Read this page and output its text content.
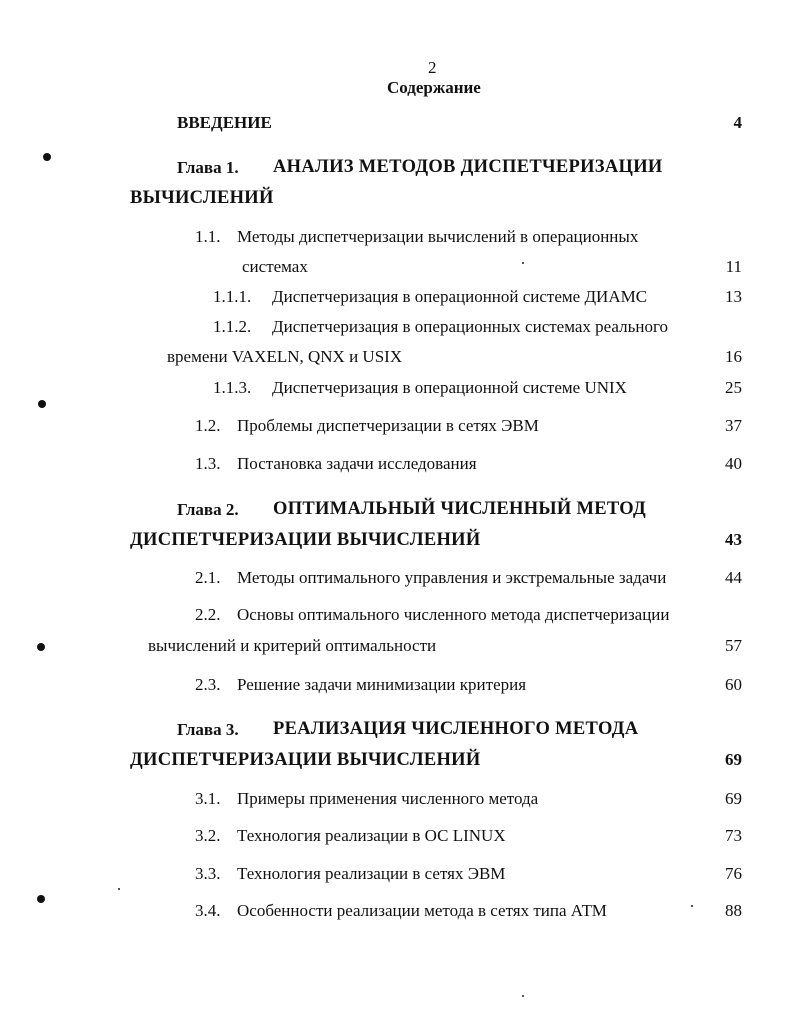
2
Содержание
ВВЕДЕНИЕ	4
Глава 1. АНАЛИЗ МЕТОДОВ ДИСПЕТЧЕРИЗАЦИИ
ВЫЧИСЛЕНИЙ
1.1. Методы диспетчеризации вычислений в операционных
системах	11
1.1.1. Диспетчеризация в операционной системе ДИАМС	13
1.1.2. Диспетчеризация в операционных системах реального
времени VAXELN, QNX и USIX	16
1.1.3. Диспетчеризация в операционной системе UNIX	25
1.2. Проблемы диспетчеризации в сетях ЭВМ	37
1.3. Постановка задачи исследования	40
Глава 2. ОПТИМАЛЬНЫЙ ЧИСЛЕННЫЙ МЕТОД
ДИСПЕТЧЕРИЗАЦИИ ВЫЧИСЛЕНИЙ	43
2.1. Методы оптимального управления и экстремальные задачи	44
2.2. Основы оптимального численного метода диспетчеризации
вычислений и критерий оптимальности	57
2.3. Решение задачи минимизации критерия	60
Глава 3. РЕАЛИЗАЦИЯ ЧИСЛЕННОГО МЕТОДА
ДИСПЕТЧЕРИЗАЦИИ ВЫЧИСЛЕНИЙ	69
3.1. Примеры применения численного метода	69
3.2. Технология реализации в ОС LINUX	73
3.3. Технология реализации в сетях ЭВМ	76
3.4. Особенности реализации метода в сетях типа АТМ	88
